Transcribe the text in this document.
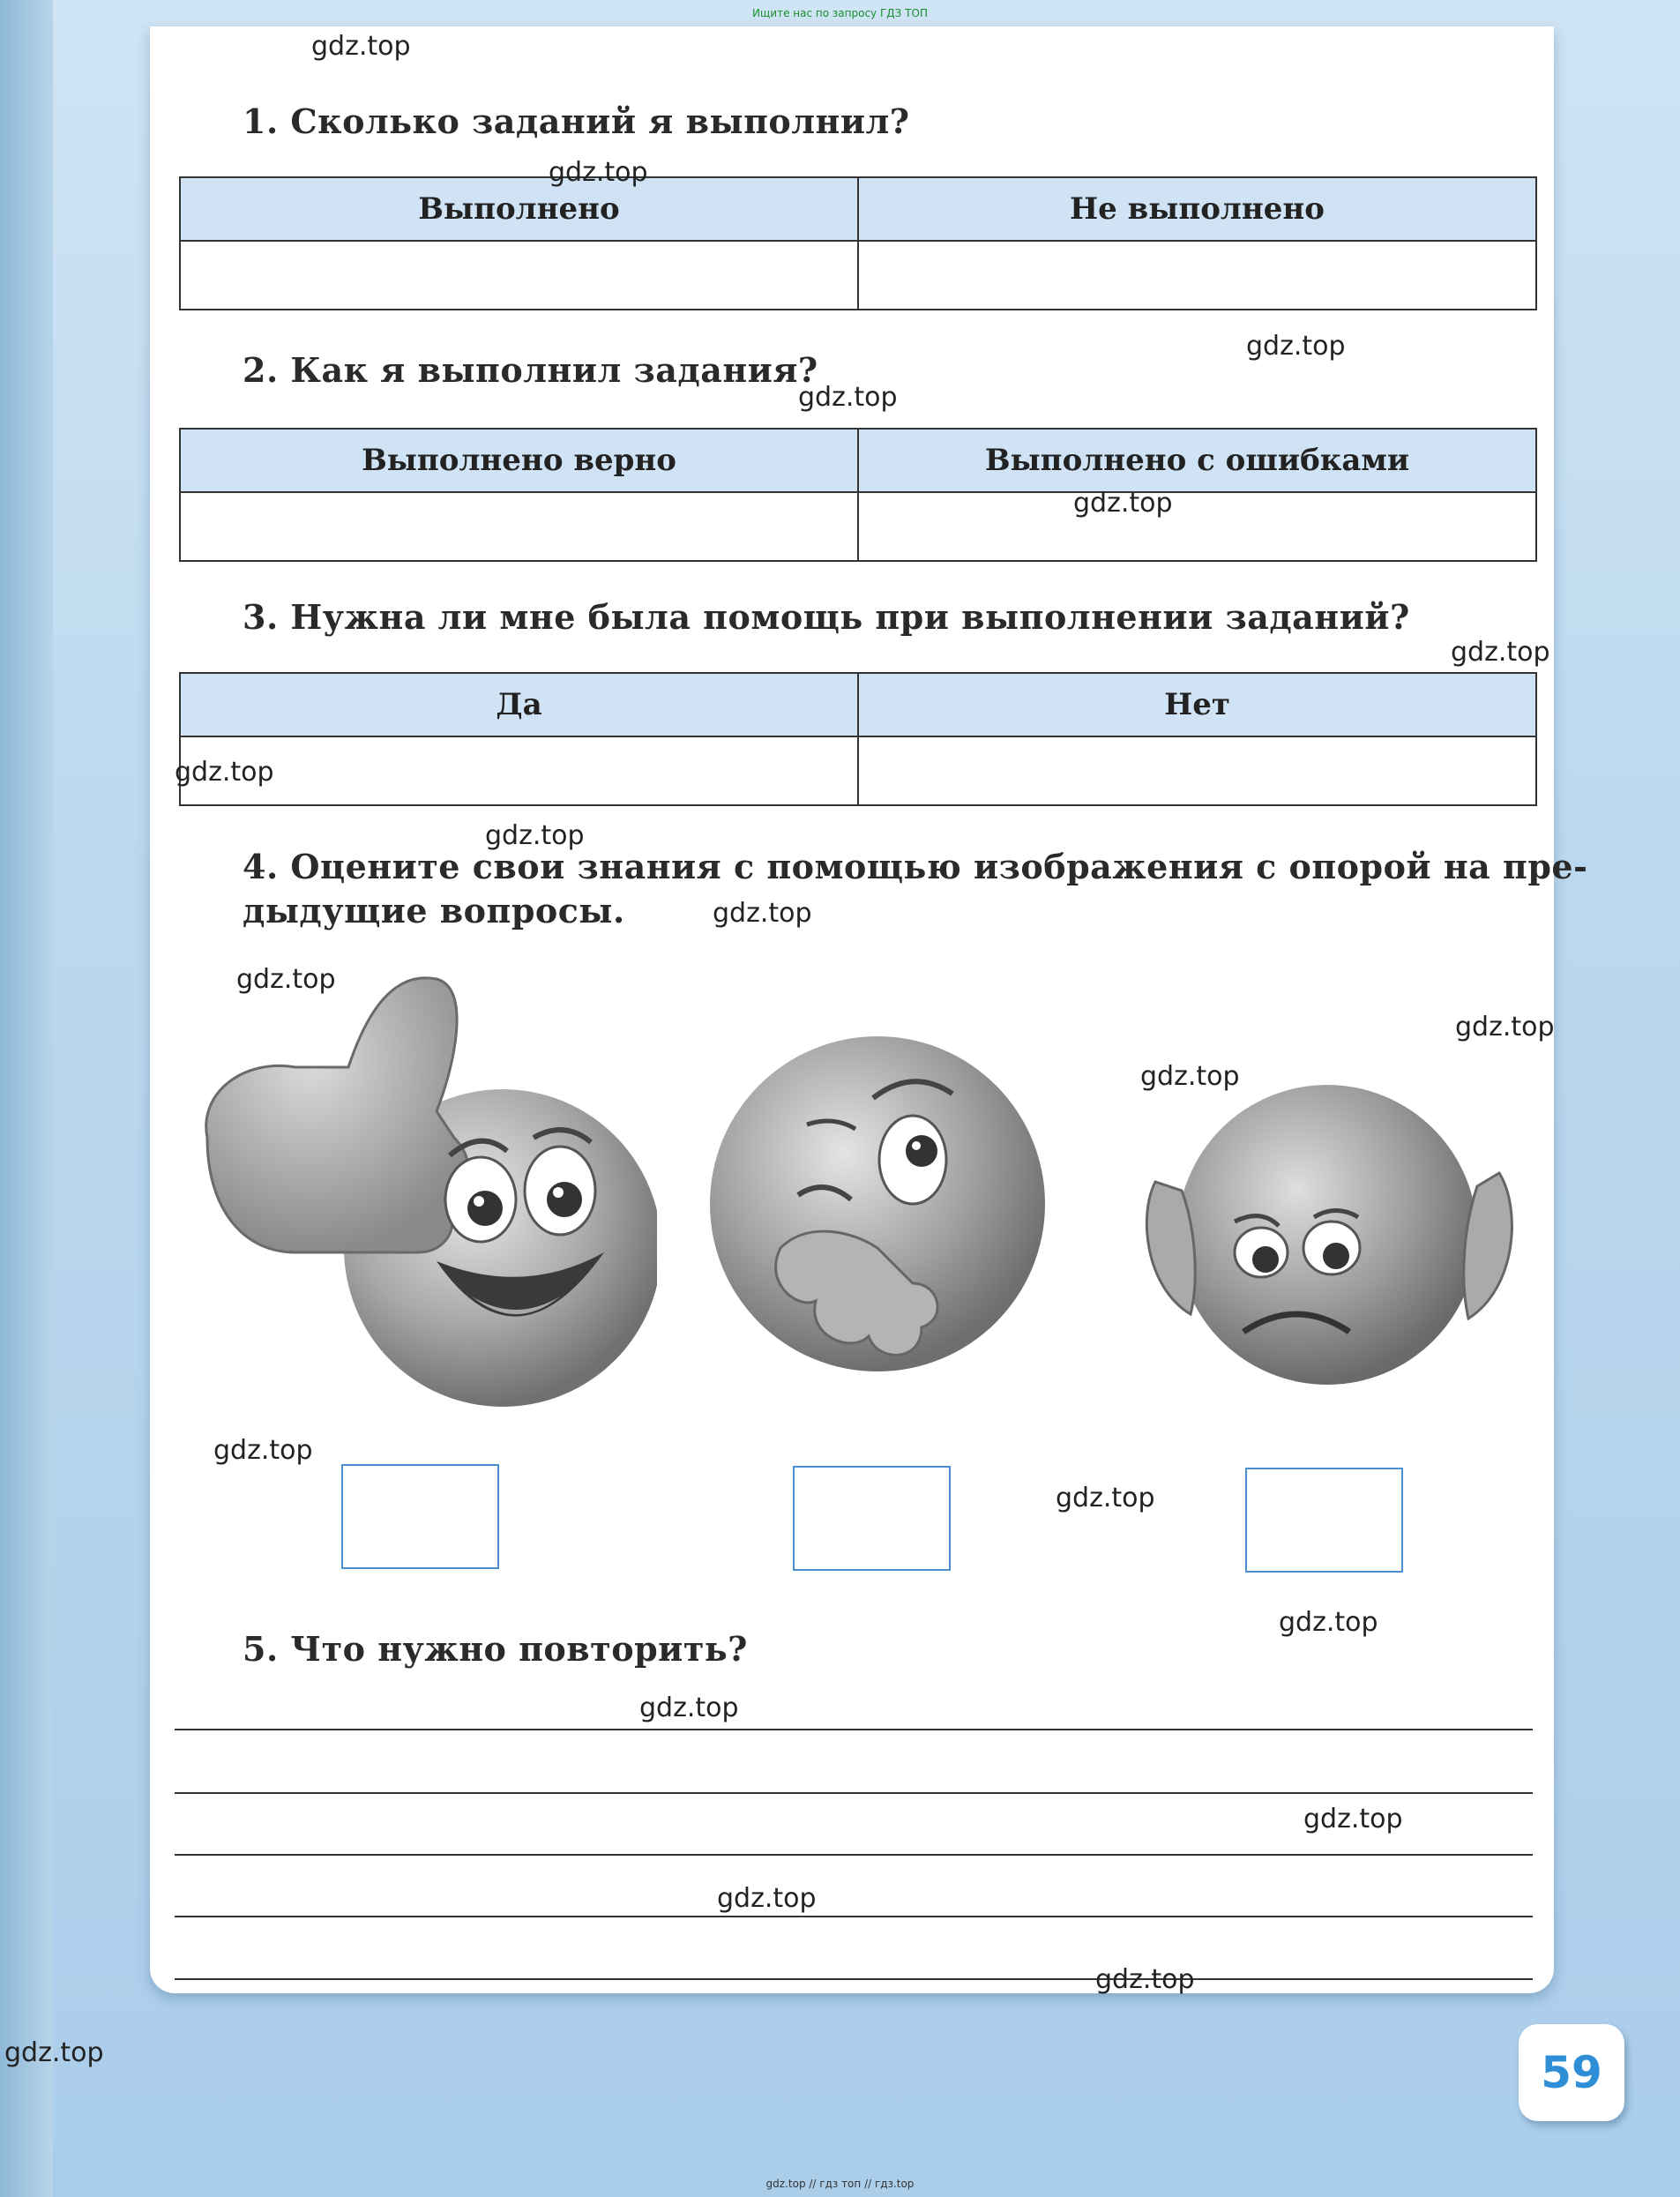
Ищите нас по запросу ГДЗ ТОП
1. Сколько заданий я выполнил?
Выполнено	Не выполнено

2. Как я выполнил задания?
Выполнено верно	Выполнено с ошибками

3. Нужна ли мне была помощь при выполнении заданий?
Да	Нет

4. Оцените свои знания с помощью изображения с опорой на пре-
дыдущие вопросы.
5. Что нужно повторить?
gdz.top
gdz.top
gdz.top
gdz.top
gdz.top
gdz.top
gdz.top
gdz.top
gdz.top
gdz.top
gdz.top
gdz.top
gdz.top
gdz.top
gdz.top
gdz.top
gdz.top
gdz.top
gdz.top
gdz.top	59
gdz.top // гдз топ // гдз.top
